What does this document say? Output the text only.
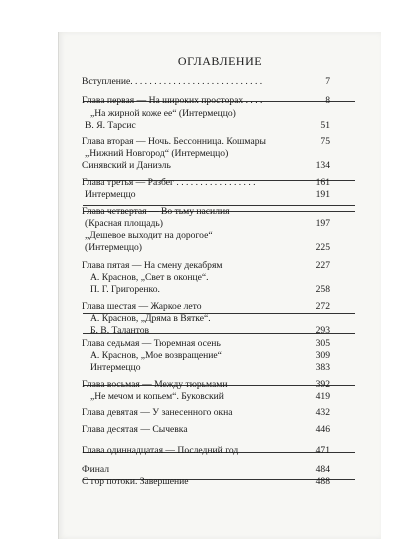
ОГЛАВЛЕНИЕ
Вступление. . . . . . . . . . . . . . . . . . . . . . . . . . . .	7
Глава первая — На широких просторах . . . .	8
„На жирной коже ее“ (Интермеццо)
В. Я. Тарсис	51
Глава вторая — Ночь. Бессонница. Кошмары	75
„Нижний Новгород“ (Интермеццо)
Синявский и Даниэль	134
Глава третья — Разбег . . . . . . . . . . . . . . . . .	161
Интермеццо	191
Глава четвертая — Во тьму насилия
(Красная площадь)	197
„Дешевое выходит на дорогое“
(Интермеццо)	225
Глава пятая — На смену декабрям	227
А. Краснов, „Свет в оконце“.
П. Г. Григоренко.	258
Глава шестая — Жаркое лето	272
А. Краснов, „Дряма в Вятке“.
Б. В. Талантов	293
Глава седьмая — Тюремная осень	305
А. Краснов, „Мое возвращение“	309
Интермеццо	383
Глава восьмая — Между тюрьмами	392
„Не мечом и копьем“. Буковский	419
Глава девятая — У занесенного окна	432
Глава десятая — Сычевка	446
Глава одиннадцатая — Последний год	471
Финал	484
С гор потоки. Завершение	488
